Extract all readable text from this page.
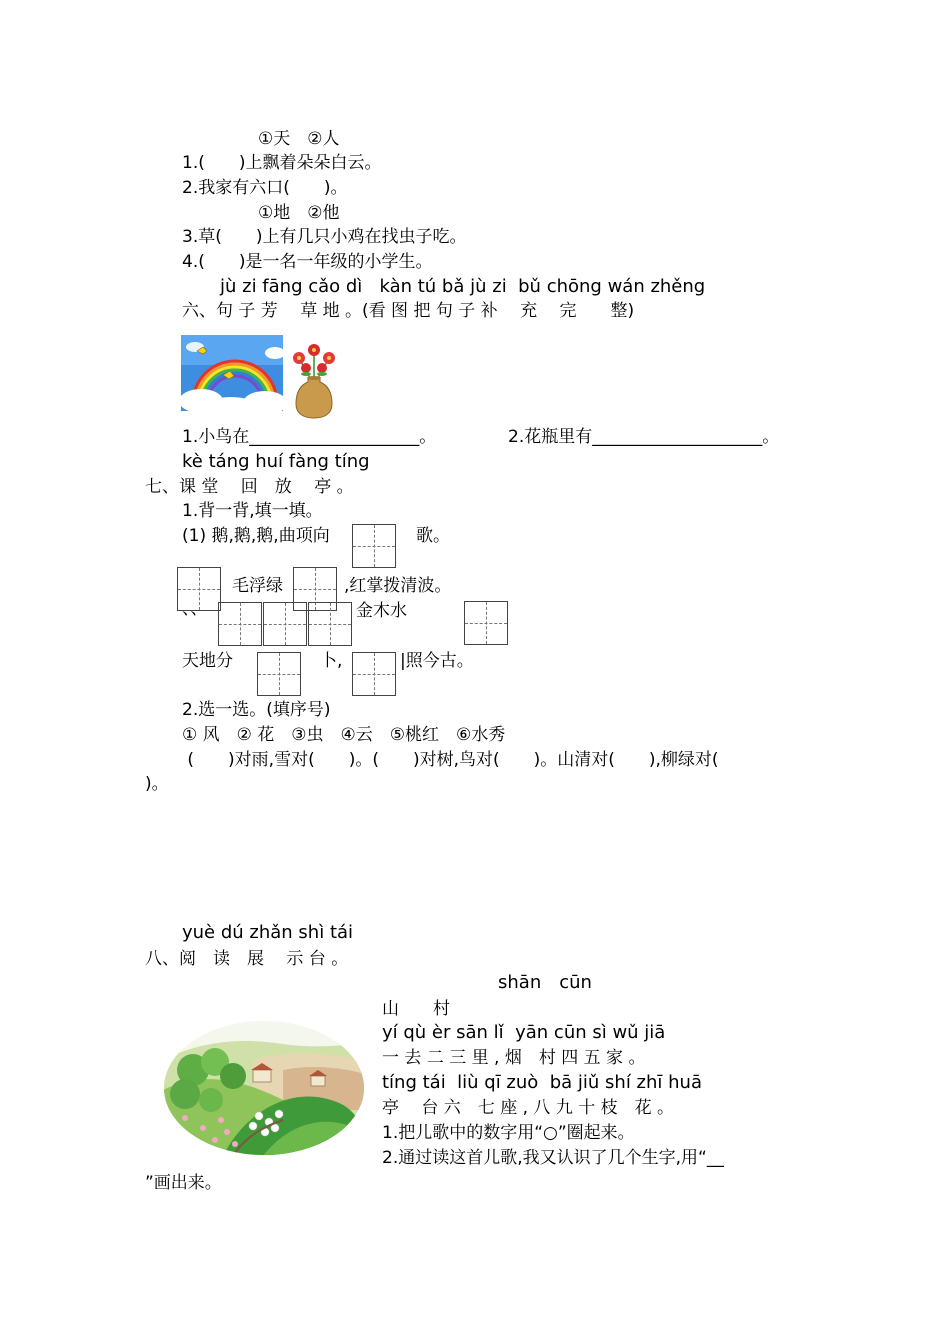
①天　②人
1.(　　)上飘着朵朵白云。
2.我家有六口(　　)。
①地　②他
3.草(　　)上有几只小鸡在找虫子吃。
4.(　　)是一名一年级的小学生。
jù zi fāng cǎo dì   kàn tú bǎ jù zi  bǔ chōng wán zhěng
六、句 子 芳　 草 地 。(看 图 把 句 子 补　 充　 完　　整)
1.小鸟在____________________。	2.花瓶里有____________________。
kè táng huí fàng tíng
七、课 堂　 回　放　 亭 。
1.背一背,填一填。
(1) 鹅,鹅,鹅,曲项向	歌。
毛浮绿	,红掌拨清波。
、、	金木水
天地分	卜,	|照今古。
2.选一选。(填序号)
① 风　② 花　③虫　④云　⑤桃红　⑥水秀
(　　)对雨,雪对(　　)。(　　)对树,鸟对(　　)。山清对(　　),柳绿对(
)。
yuè dú zhǎn shì tái
八、阅　读　展　 示 台 。
shān　cūn
山　　村
yí qù èr sān lǐ  yān cūn sì wǔ jiā
一 去 二 三 里 , 烟　村 四 五 家 。
tíng tái  liù qī zuò  bā jiǔ shí zhī huā
亭　 台 六　七 座 , 八 九 十 枝　花 。
1.把儿歌中的数字用“○”圈起来。
2.通过读这首儿歌,我又认识了几个生字,用“__
”画出来。
